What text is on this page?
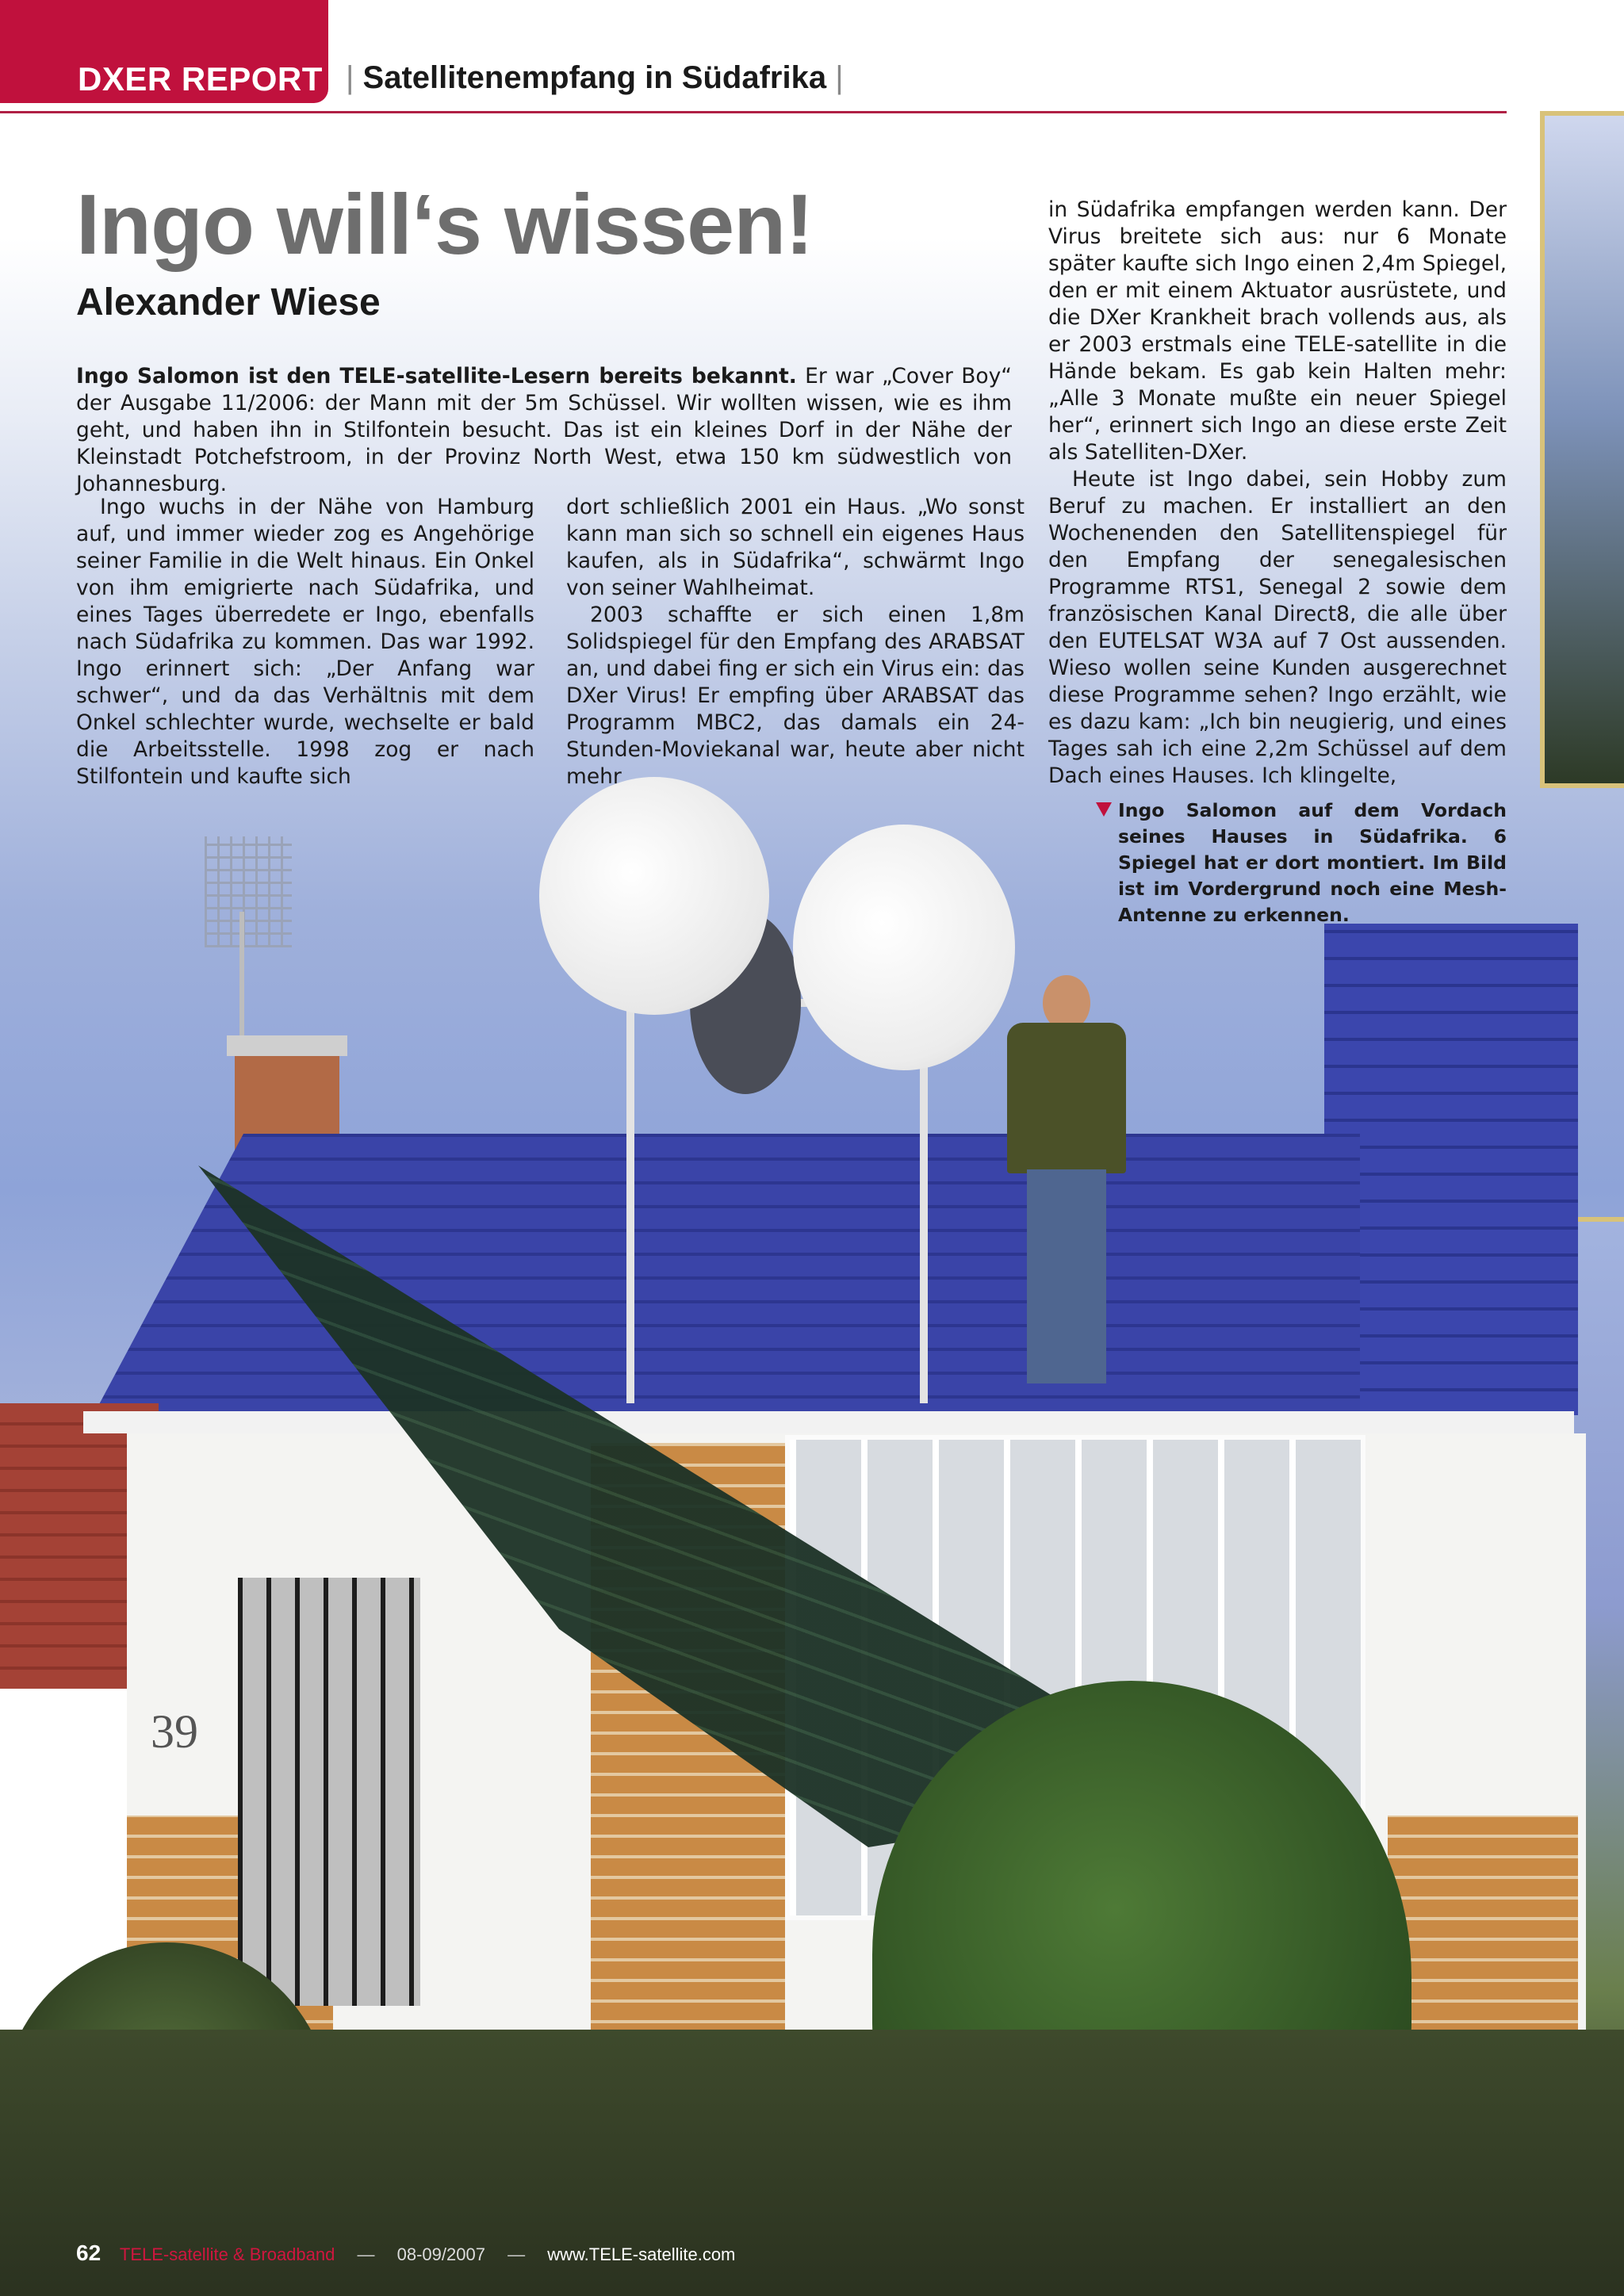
39
DXER REPORT | Satellitenempfang in Südafrika |
Ingo will‘s wissen!
Alexander Wiese
Ingo Salomon ist den TELE-satellite-Lesern bereits bekannt. Er war „Cover Boy“ der Ausgabe 11/2006: der Mann mit der 5m Schüssel. Wir wollten wissen, wie es ihm geht, und haben ihn in Stilfontein besucht. Das ist ein kleines Dorf in der Nähe der Kleinstadt Potchefstroom, in der Provinz North West, etwa 150 km südwestlich von Johannesburg.

Ingo wuchs in der Nähe von Hamburg auf, und immer wieder zog es Angehörige seiner Familie in die Welt hinaus. Ein Onkel von ihm emigrierte nach Südafrika, und eines Tages überredete er Ingo, ebenfalls nach Südafrika zu kommen. Das war 1992. Ingo erinnert sich: „Der Anfang war schwer“, und da das Verhältnis mit dem Onkel schlechter wurde, wechselte er bald die Arbeitsstelle. 1998 zog er nach Stilfontein und kaufte sich

dort schließlich 2001 ein Haus. „Wo sonst kann man sich so schnell ein eigenes Haus kaufen, als in Südafrika“, schwärmt Ingo von seiner Wahlheimat.

2003 schaffte er sich einen 1,8m Solidspiegel für den Empfang des ARABSAT an, und dabei fing er sich ein Virus ein: das DXer Virus! Er empfing über ARABSAT das Programm MBC2, das damals ein 24-Stunden-Moviekanal war, heute aber nicht mehr

in Südafrika empfangen werden kann. Der Virus breitete sich aus: nur 6 Monate später kaufte sich Ingo einen 2,4m Spiegel, den er mit einem Aktuator ausrüstete, und die DXer Krankheit brach vollends aus, als er 2003 erstmals eine TELE-satellite in die Hände bekam. Es gab kein Halten mehr: „Alle 3 Monate mußte ein neuer Spiegel her“, erinnert sich Ingo an diese erste Zeit als Satelliten-DXer.

Heute ist Ingo dabei, sein Hobby zum Beruf zu machen. Er installiert an den Wochenenden den Satellitenspiegel für den Empfang der senegalesischen Programme RTS1, Senegal 2 sowie dem französischen Kanal Direct8, die alle über den EUTELSAT W3A auf 7 Ost aussenden. Wieso wollen seine Kunden ausgerechnet diese Programme sehen? Ingo erzählt, wie es dazu kam: „Ich bin neugierig, und eines Tages sah ich eine 2,2m Schüssel auf dem Dach eines Hauses. Ich klingelte,

Ingo Salomon auf dem Vordach seines Hauses in Südafrika. 6 Spiegel hat er dort montiert. Im Bild ist im Vordergrund noch eine Mesh-Antenne zu erkennen.
62 TELE-satellite & Broadband — 08-09/2007 — www.TELE-satellite.com
